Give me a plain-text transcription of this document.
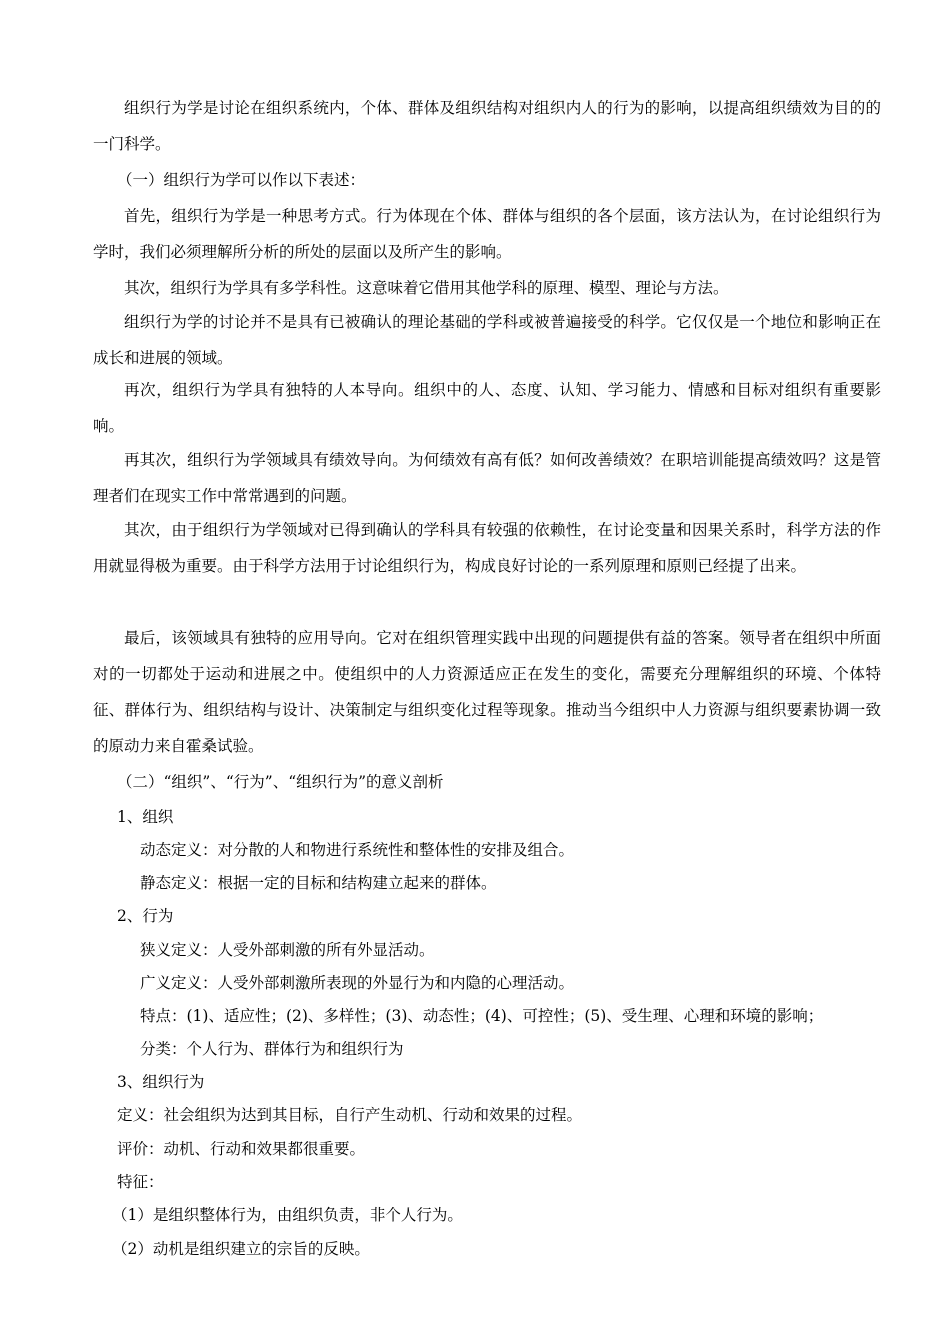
组织行为学是讨论在组织系统内，个体、群体及组织结构对组织内人的行为的影响，以提高组织绩效为目的的一门科学。

（一）组织行为学可以作以下表述：

首先，组织行为学是一种思考方式。行为体现在个体、群体与组织的各个层面，该方法认为，在讨论组织行为学时，我们必须理解所分析的所处的层面以及所产生的影响。

其次，组织行为学具有多学科性。这意味着它借用其他学科的原理、模型、理论与方法。

组织行为学的讨论并不是具有已被确认的理论基础的学科或被普遍接受的科学。它仅仅是一个地位和影响正在成长和进展的领域。

再次，组织行为学具有独特的人本导向。组织中的人、态度、认知、学习能力、情感和目标对组织有重要影响。

再其次，组织行为学领域具有绩效导向。为何绩效有高有低？如何改善绩效？在职培训能提高绩效吗？这是管理者们在现实工作中常常遇到的问题。

其次，由于组织行为学领域对已得到确认的学科具有较强的依赖性，在讨论变量和因果关系时，科学方法的作用就显得极为重要。由于科学方法用于讨论组织行为，构成良好讨论的一系列原理和原则已经提了出来。

最后，该领域具有独特的应用导向。它对在组织管理实践中出现的问题提供有益的答案。领导者在组织中所面对的一切都处于运动和进展之中。使组织中的人力资源适应正在发生的变化，需要充分理解组织的环境、个体特征、群体行为、组织结构与设计、决策制定与组织变化过程等现象。推动当今组织中人力资源与组织要素协调一致的原动力来自霍桑试验。

（二）“组织”、“行为”、“组织行为”的意义剖析

1、组织

动态定义：对分散的人和物进行系统性和整体性的安排及组合。

静态定义：根据一定的目标和结构建立起来的群体。

2、行为

狭义定义：人受外部刺激的所有外显活动。

广义定义：人受外部刺激所表现的外显行为和内隐的心理活动。

特点：(1)、适应性；(2)、多样性；(3)、动态性；(4)、可控性；(5)、受生理、心理和环境的影响；

分类：个人行为、群体行为和组织行为

3、组织行为

定义：社会组织为达到其目标，自行产生动机、行动和效果的过程。

评价：动机、行动和效果都很重要。

特征：

（1）是组织整体行为，由组织负责，非个人行为。

（2）动机是组织建立的宗旨的反映。
